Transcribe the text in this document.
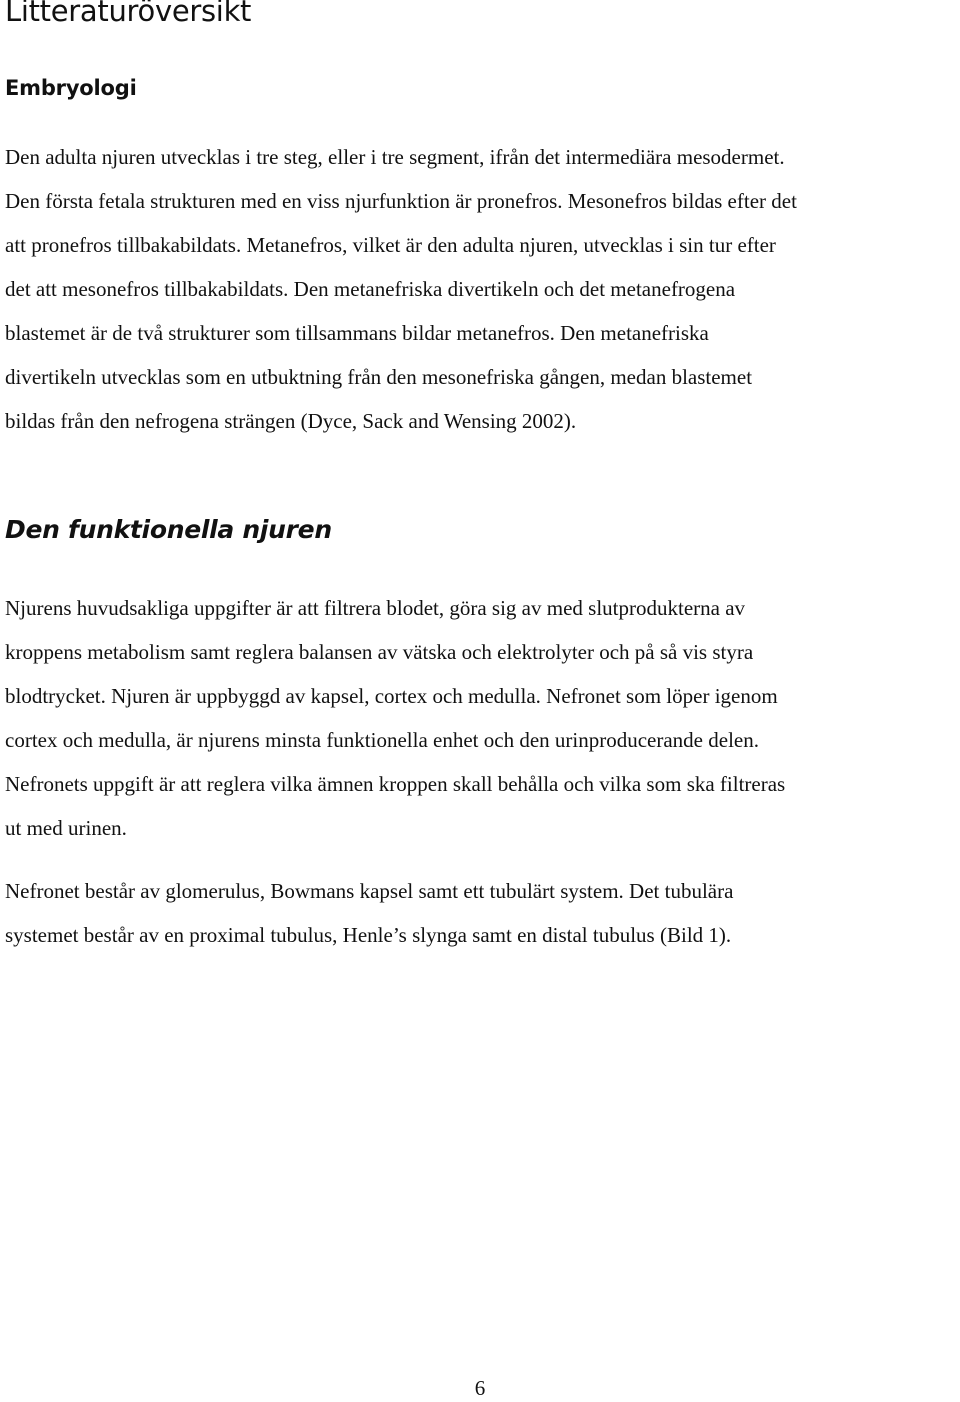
Litteraturöversikt
Embryologi

Den adulta njuren utvecklas i tre steg, eller i tre segment, ifrån det intermediära mesodermet.
Den första fetala strukturen med en viss njurfunktion är pronefros. Mesonefros bildas efter det
att pronefros tillbakabildats. Metanefros, vilket är den adulta njuren, utvecklas i sin tur efter
det att mesonefros tillbakabildats. Den metanefriska divertikeln och det metanefrogena
blastemet är de två strukturer som tillsammans bildar metanefros. Den metanefriska
divertikeln utvecklas som en utbuktning från den mesonefriska gången, medan blastemet
bildas från den nefrogena strängen (Dyce, Sack and Wensing 2002).

Den funktionella njuren

Njurens huvudsakliga uppgifter är att filtrera blodet, göra sig av med slutprodukterna av
kroppens metabolism samt reglera balansen av vätska och elektrolyter och på så vis styra
blodtrycket. Njuren är uppbyggd av kapsel, cortex och medulla. Nefronet som löper igenom
cortex och medulla, är njurens minsta funktionella enhet och den urinproducerande delen.
Nefronets uppgift är att reglera vilka ämnen kroppen skall behålla och vilka som ska filtreras
ut med urinen.

Nefronet består av glomerulus, Bowmans kapsel samt ett tubulärt system. Det tubulära
systemet består av en proximal tubulus, Henle’s slynga samt en distal tubulus (Bild 1).

6
